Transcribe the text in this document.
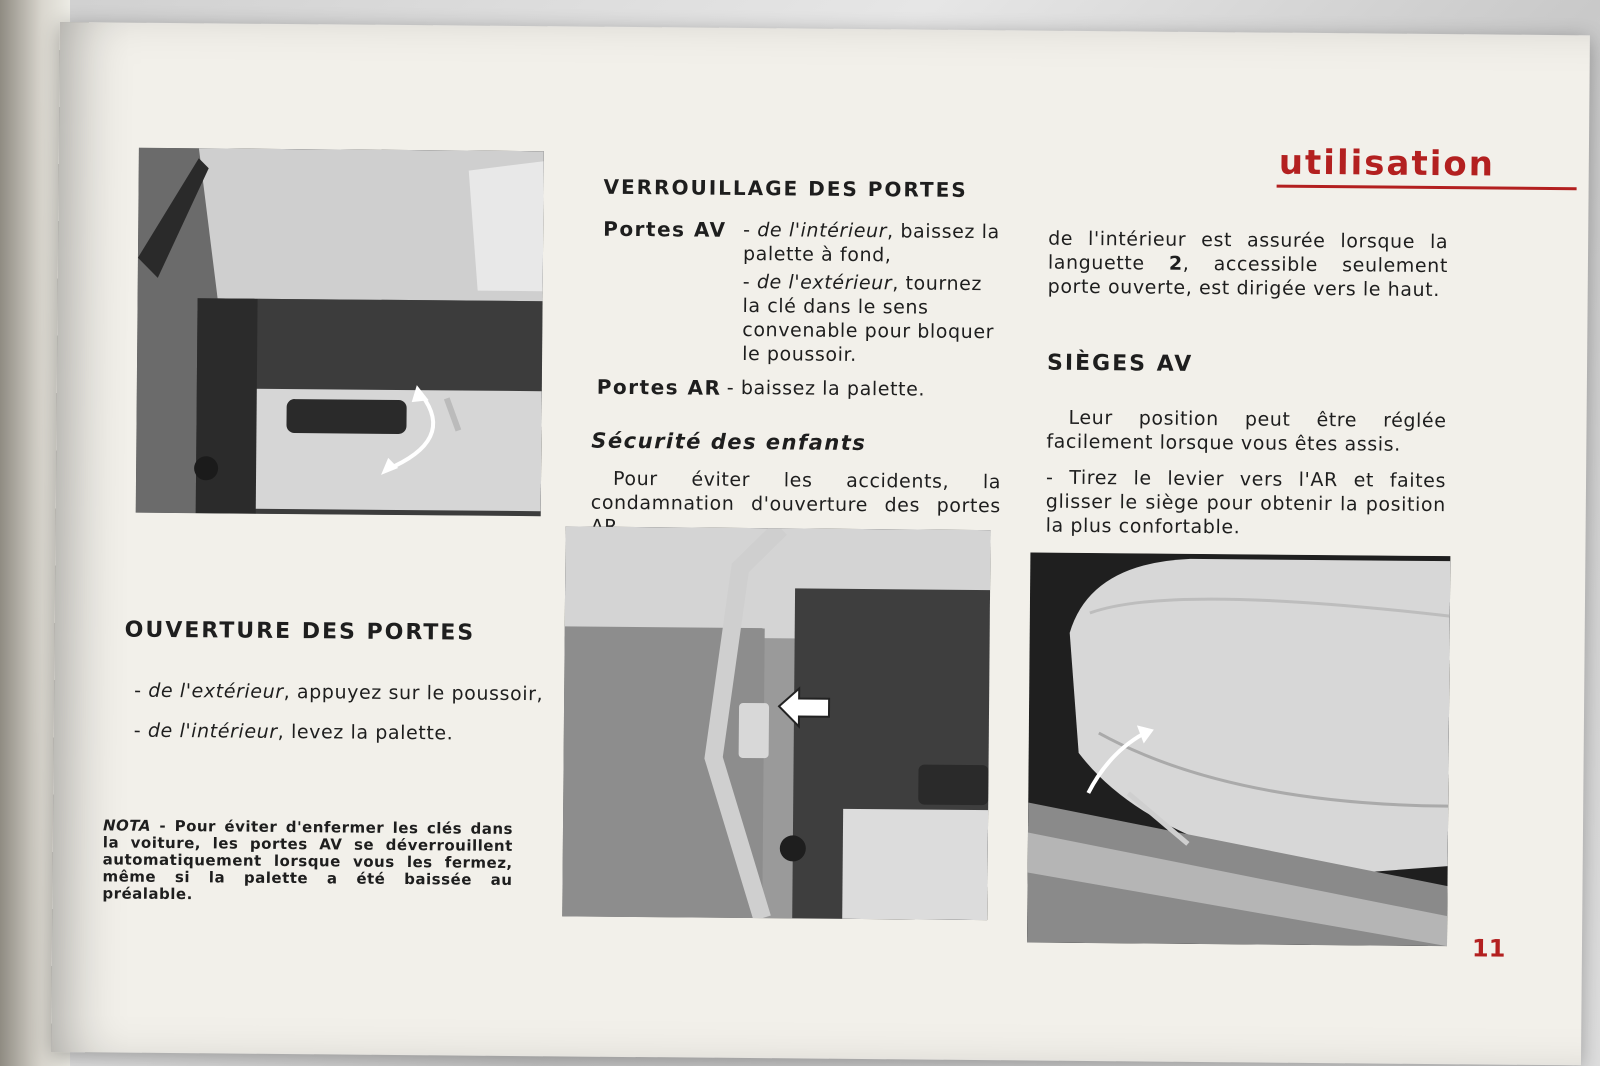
utilisation

VERROUILLAGE DES PORTES

Portes AV - de l'intérieur, baissez la palette à fond,

- de l'extérieur, tournez la clé dans le sens convenable pour bloquer le poussoir.

Portes AR - baissez la palette.

Sécurité des enfants

Pour éviter les accidents, la condamnation d'ouverture des portes

de l'intérieur est assurée lorsque la languette 2, accessible seulement porte ouverte, est dirigée vers le haut.

SIÈGES AV

Leur position peut être réglée facilement lorsque vous êtes assis.

- Tirez le levier vers l'AR et faites glisser le siège pour obtenir la position la plus confortable.

OUVERTURE DES PORTES

- de l'extérieur, appuyez sur le poussoir,

- de l'intérieur, levez la palette.

NOTA - Pour éviter d'enfermer les clés dans la voiture, les portes AV se déverrouillent automatiquement lorsque vous les fermez, même si la palette a été baissée au préalable.
11
